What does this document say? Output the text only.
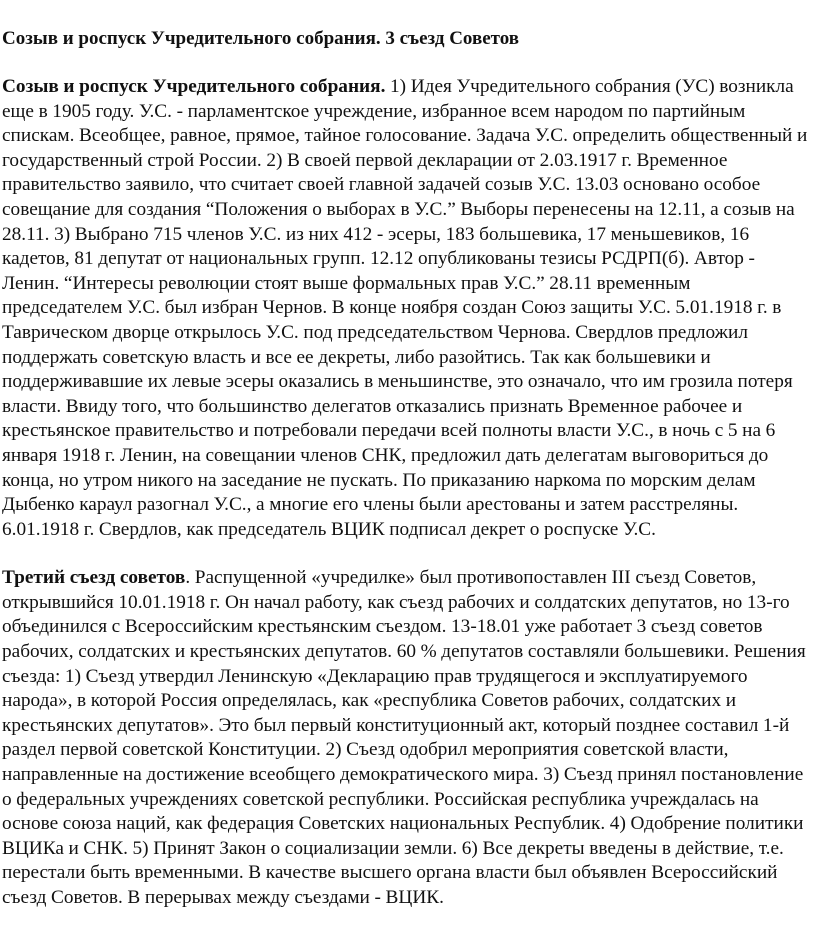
Созыв и роспуск Учредительного собрания. 3 съезд Советов
Созыв и роспуск Учредительного собрания. 1) Идея Учредительного собрания (УС) возникла еще в 1905 году. У.С. - парламентское учреждение, избранное всем народом по партийным спискам. Всеобщее, равное, прямое, тайное голосование. Задача У.С. определить общественный и государственный строй России. 2) В своей первой декларации от 2.03.1917 г. Временное правительство заявило, что считает своей главной задачей созыв У.С. 13.03 основано особое совещание для создания “Положения о выборах в У.С.” Выборы перенесены на 12.11, а созыв на 28.11. 3) Выбрано 715 членов У.С. из них 412 - эсеры, 183 большевика, 17 меньшевиков, 16 кадетов, 81 депутат от национальных групп. 12.12 опубликованы тезисы РСДРП(б). Автор - Ленин. “Интересы революции стоят выше формальных прав У.С.” 28.11 временным председателем У.С. был избран Чернов. В конце ноября создан Союз защиты У.С. 5.01.1918 г. в Таврическом дворце открылось У.С. под председательством Чернова. Свердлов предложил поддержать советскую власть и все ее декреты, либо разойтись. Так как большевики и поддерживавшие их левые эсеры оказались в меньшинстве, это означало, что им грозила потеря власти. Ввиду того, что большинство делегатов отказались признать Временное рабочее и крестьянское правительство и потребовали передачи всей полноты власти У.С., в ночь с 5 на 6 января 1918 г. Ленин, на совещании членов СНК, предложил дать делегатам выговориться до конца, но утром никого на заседание не пускать. По приказанию наркома по морским делам Дыбенко караул разогнал У.С., а многие его члены были арестованы и затем расстреляны. 6.01.1918 г. Свердлов, как председатель ВЦИК подписал декрет о роспуске У.С.
Третий съезд советов. Распущенной «учредилке» был противопоставлен III съезд Советов, открывшийся 10.01.1918 г. Он начал работу, как съезд рабочих и солдатских депутатов, но 13-го объединился с Всероссийским крестьянским съездом. 13-18.01 уже работает 3 съезд советов рабочих, солдатских и крестьянских депутатов. 60 % депутатов составляли большевики. Решения съезда: 1) Съезд утвердил Ленинскую «Декларацию прав трудящегося и эксплуатируемого народа», в которой Россия определялась, как «республика Советов рабочих, солдатских и крестьянских депутатов». Это был первый конституционный акт, который позднее составил 1-й раздел первой советской Конституции. 2) Съезд одобрил мероприятия советской власти, направленные на достижение всеобщего демократического мира. 3) Съезд принял постановление о федеральных учреждениях советской республики. Российская республика учреждалась на основе союза наций, как федерация Советских национальных Республик. 4) Одобрение политики ВЦИКа и СНК. 5) Принят Закон о социализации земли. 6) Все декреты введены в действие, т.е. перестали быть временными. В качестве высшего органа власти был объявлен Всероссийский съезд Советов. В перерывах между съездами - ВЦИК.
